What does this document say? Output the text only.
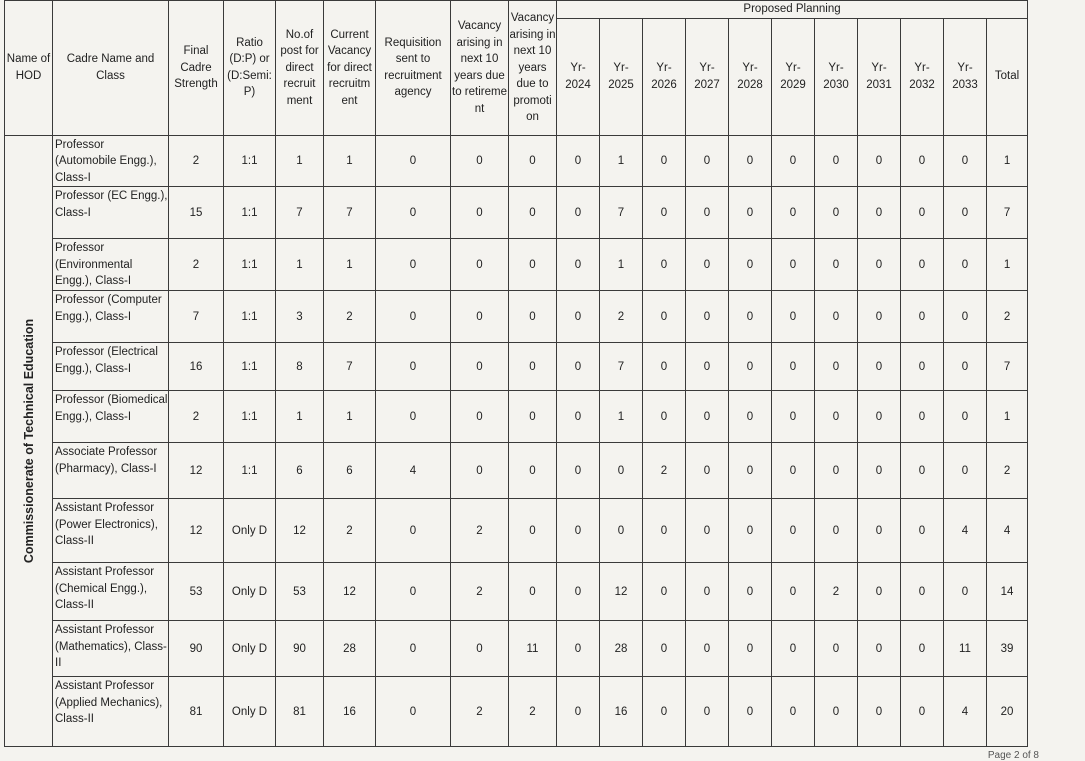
Name of HOD	Cadre Name and Class	Final Cadre Strength	Ratio (D:P) or (D:Semi: P)	No.of post for direct recruit ment	Current Vacancy for direct recruitm ent	Requisition sent to recruitment agency	Vacancy arising in next 10 years due to retireme nt	Vacancy arising in next 10 years due to promoti on	Proposed Planning										
									Yr- 2024	Yr- 2025	Yr- 2026	Yr- 2027	Yr- 2028	Yr- 2029	Yr- 2030	Yr- 2031	Yr- 2032	Yr- 2033	Total

Commissionerate of Technical Education	Professor (Automobile Engg.), Class-I	2	1:1	1	1	0	0	0	0	1	0	0	0	0	0	0	0	0	1
	Professor (EC Engg.), Class-I	15	1:1	7	7	0	0	0	0	7	0	0	0	0	0	0	0	0	7
	Professor (Environmental Engg.), Class-I	2	1:1	1	1	0	0	0	0	1	0	0	0	0	0	0	0	0	1
	Professor (Computer Engg.), Class-I	7	1:1	3	2	0	0	0	0	2	0	0	0	0	0	0	0	0	2
	Professor (Electrical Engg.), Class-I	16	1:1	8	7	0	0	0	0	7	0	0	0	0	0	0	0	0	7
	Professor (Biomedical Engg.), Class-I	2	1:1	1	1	0	0	0	0	1	0	0	0	0	0	0	0	0	1
	Associate Professor (Pharmacy), Class-I	12	1:1	6	6	4	0	0	0	0	2	0	0	0	0	0	0	0	2
	Assistant Professor (Power Electronics), Class-II	12	Only D	12	2	0	2	0	0	0	0	0	0	0	0	0	0	4	4
	Assistant Professor (Chemical Engg.), Class-II	53	Only D	53	12	0	2	0	0	12	0	0	0	0	2	0	0	0	14
	Assistant Professor (Mathematics), Class-II	90	Only D	90	28	0	0	11	0	28	0	0	0	0	0	0	0	11	39
	Assistant Professor (Applied Mechanics), Class-II	81	Only D	81	16	0	2	2	0	16	0	0	0	0	0	0	0	4	20
Page 2 of 8
